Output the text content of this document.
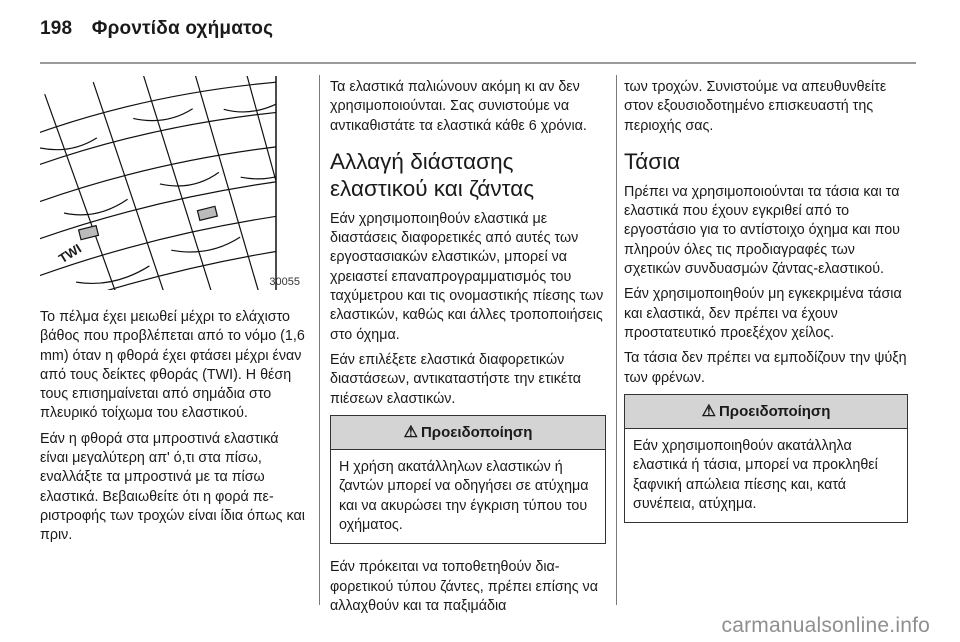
198 Φροντίδα οχήματος
TWI
30055

Το πέλμα έχει μειωθεί μέχρι το ελάχιστο βάθος που προβλέπεται από το νόμο (1,6 mm) όταν η φθορά έχει φτάσει μέχρι έναν από τους δείκτες φθοράς (TWI). Η θέση τους επισημαίνεται από σημάδια στο πλευρικό τοίχωμα του ελαστικού.

Εάν η φθορά στα μπροστινά ελαστικά είναι μεγαλύτερη απ' ό,τι στα πίσω, εναλλάξτε τα μπροστινά με τα πίσω ελαστικά. Βεβαιωθείτε ότι η φορά περιστροφής των τροχών είναι ίδια όπως και πριν.

Τα ελαστικά παλιώνουν ακόμη κι αν δεν χρησιμοποιούνται. Σας συνιστούμε να αντικαθιστάτε τα ελαστικά κάθε 6 χρόνια.

Αλλαγή διάστασης ελαστικού και ζάντας

Εάν χρησιμοποιηθούν ελαστικά με διαστάσεις διαφορετικές από αυτές των εργοστασιακών ελαστικών, μπορεί να χρειαστεί επαναπρογραμματισμός του ταχύμετρου και τις ονομαστικής πίεσης των ελαστικών, καθώς και άλλες τροποποιήσεις στο όχημα.

Εάν επιλέξετε ελαστικά διαφορετικών διαστάσεων, αντικαταστήστε την ετικέτα πιέσεων ελαστικών.

⚠ Προειδοποίηση
Η χρήση ακατάλληλων ελαστικών ή ζαντών μπορεί να οδηγήσει σε ατύχημα και να ακυρώσει την έγκριση τύπου του οχήματος.

Εάν πρόκειται να τοποθετηθούν διαφορετικού τύπου ζάντες, πρέπει επίσης να αλλαχθούν και τα παξιμάδια

των τροχών. Συνιστούμε να απευθυνθείτε στον εξουσιοδοτημένο επισκευαστή της περιοχής σας.

Τάσια

Πρέπει να χρησιμοποιούνται τα τάσια και τα ελαστικά που έχουν εγκριθεί από το εργοστάσιο για το αντίστοιχο όχημα και που πληρούν όλες τις προδιαγραφές των σχετικών συνδυασμών ζάντας-ελαστικού.

Εάν χρησιμοποιηθούν μη εγκεκριμένα τάσια και ελαστικά, δεν πρέπει να έχουν προστατευτικό προεξέχον χείλος.

Τα τάσια δεν πρέπει να εμποδίζουν την ψύξη των φρένων.

⚠ Προειδοποίηση
Εάν χρησιμοποιηθούν ακατάλληλα ελαστικά ή τάσια, μπορεί να προκληθεί ξαφνική απώλεια πίεσης και, κατά συνέπεια, ατύχημα.
carmanualsonline.info
